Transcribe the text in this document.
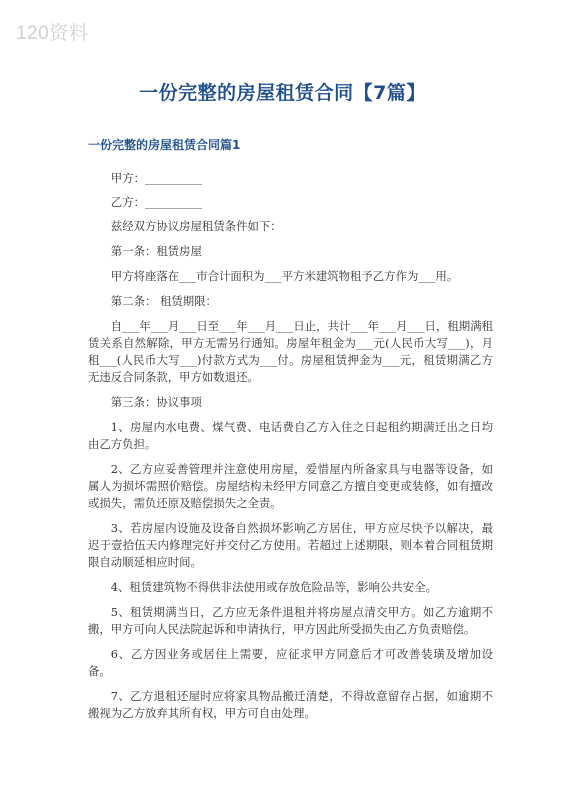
120资料
一份完整的房屋租赁合同【7篇】
一份完整的房屋租赁合同篇1

甲方：__________

乙方：__________

兹经双方协议房屋租赁条件如下：

第一条：租赁房屋

甲方将座落在___市合计面积为___平方米建筑物租予乙方作为___用。

第二条： 租赁期限：

自___年___月___日至___年___月___日止，共计___年___月___日，租期满租赁关系自然解除，甲方无需另行通知。房屋年租金为___元(人民币大写___)，月租___(人民币大写___)付款方式为___付。房屋租赁押金为___元，租赁期满乙方无违反合同条款，甲方如数退还。

第三条：协议事项

1、房屋内水电费、煤气费、电话费自乙方入住之日起租约期满迁出之日均由乙方负担。

2、乙方应妥善管理并注意使用房屋，爱惜屋内所备家具与电器等设备，如属人为损坏需照价赔偿。房屋结构未经甲方同意乙方擅自变更或装修，如有擅改或损失，需负还原及赔偿损失之全责。

3、若房屋内设施及设备自然损坏影响乙方居住，甲方应尽快予以解决，最迟于壹拾伍天内修理完好并交付乙方使用。若超过上述期限，则本着合同租赁期限自动顺延相应时间。

4、租赁建筑物不得供非法使用或存放危险品等，影响公共安全。

5、租赁期满当日，乙方应无条件退租并将房屋点清交甲方。如乙方逾期不搬，甲方可向人民法院起诉和申请执行，甲方因此所受损失由乙方负责赔偿。

6、乙方因业务或居住上需要，应征求甲方同意后才可改善装璜及增加设备。

7、乙方退租还屋时应将家具物品搬迁清楚，不得故意留存占据，如逾期不搬视为乙方放弃其所有权，甲方可自由处理。
